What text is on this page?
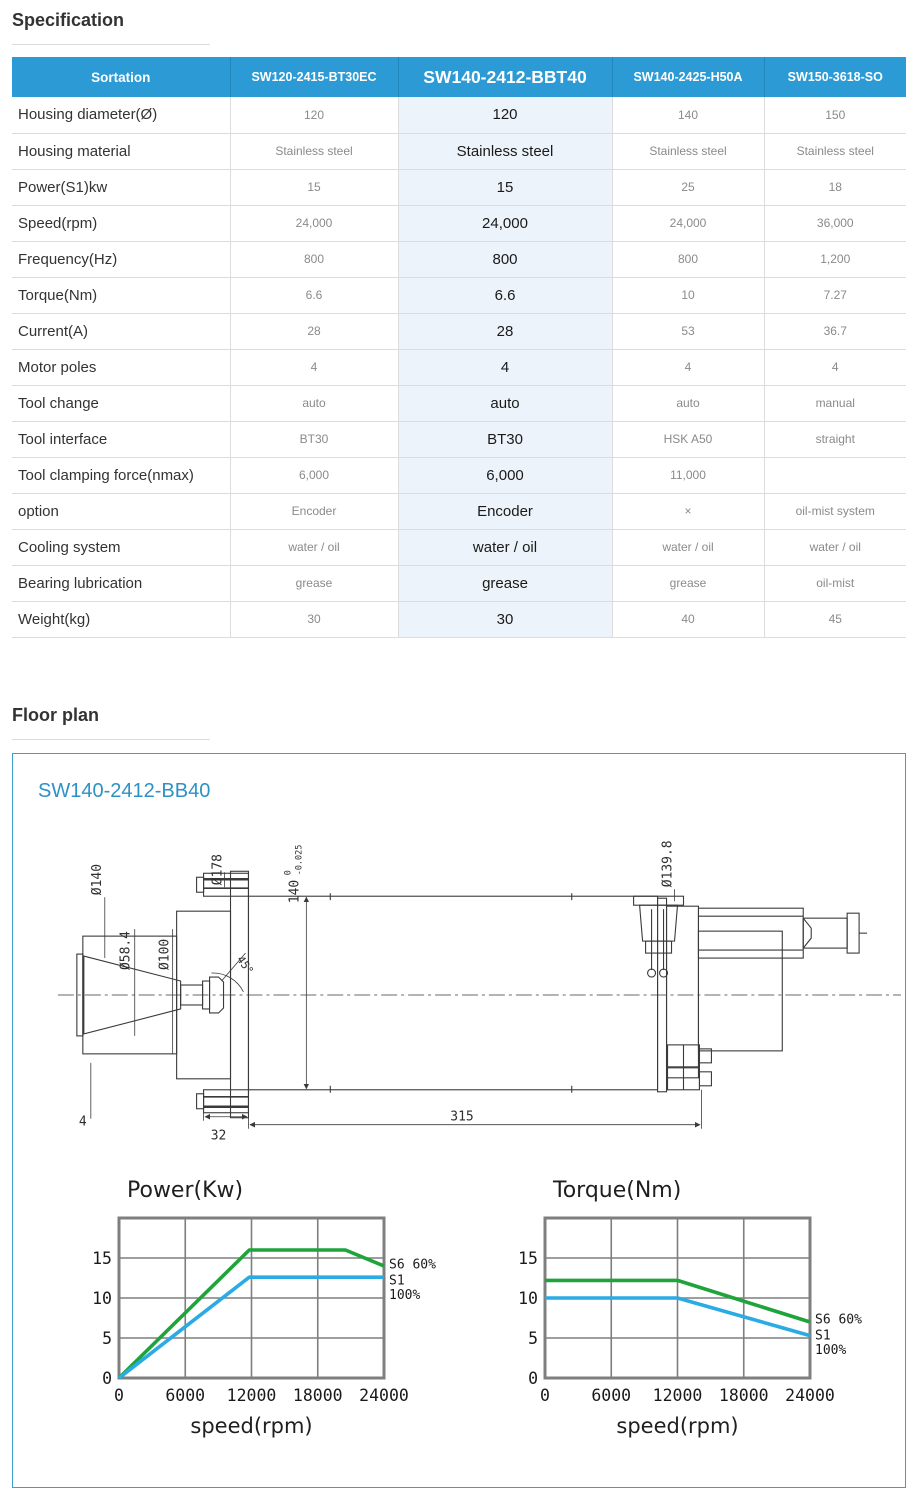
Specification
Sortation	SW120-2415-BT30EC	SW140-2412-BBT40	SW140-2425-H50A	SW150-3618-SO
Housing diameter(Ø)	120	120	140	150
Housing material	Stainless steel	Stainless steel	Stainless steel	Stainless steel
Power(S1)kw	15	15	25	18
Speed(rpm)	24,000	24,000	24,000	36,000
Frequency(Hz)	800	800	800	1,200
Torque(Nm)	6.6	6.6	10	7.27
Current(A)	28	28	53	36.7
Motor poles	4	4	4	4
Tool change	auto	auto	auto	manual
Tool interface	BT30	BT30	HSK A50	straight
Tool clamping force(nmax)	6,000	6,000	11,000	
option	Encoder	Encoder	×	oil-mist system
Cooling system	water / oil	water / oil	water / oil	water / oil
Bearing lubrication	grease	grease	grease	oil-mist
Weight(kg)	30	30	40	45
Floor plan
SW140-2412-BB40
Ø140
Ø58.4 Ø100
Ø178
140
0 -0.025	Ø139.8
45°
4
32
315
Power(Kw)
speed(rpm)
0
5
10
15
0	6000 12000 18000 24000
S6 60%
S1
100%
Torque(Nm)
speed(rpm)
0
5
10
15
0	6000 12000 18000 24000
S6 60%
S1
100%
